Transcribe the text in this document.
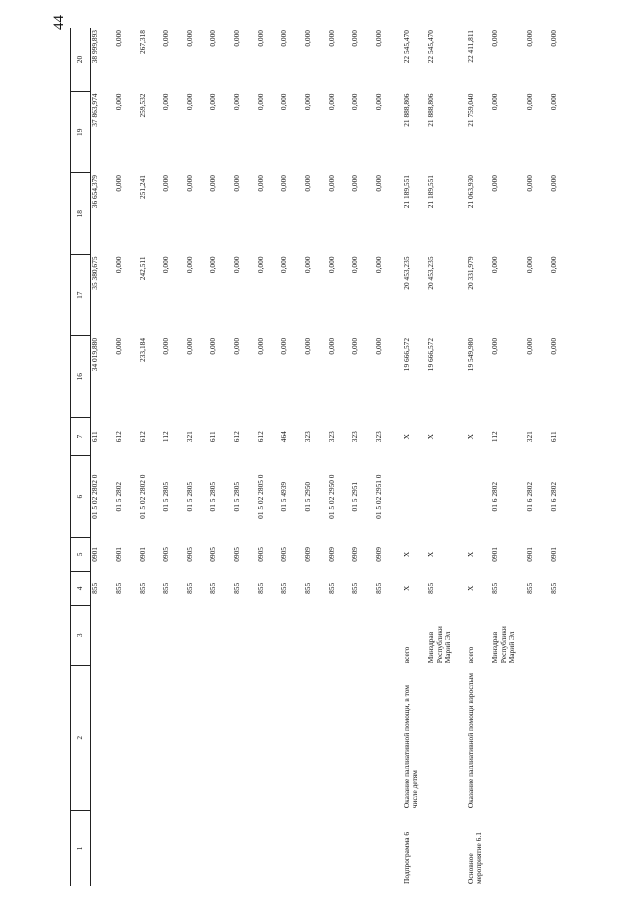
44
1	2	3	4	5	6	7	16	17	18	19	20
			855	0901	01 5 02 2802 0	611	34 019,880	35 380,675	36 654,379	37 863,974	38 999,893
			855	0901	01 5 2802	612	0,000	0,000	0,000	0,000	0,000
			855	0901	01 5 02 2802 0	612	233,184	242,511	251,241	259,532	267,318
			855	0905	01 5 2805	112	0,000	0,000	0,000	0,000	0,000
			855	0905	01 5 2805	321	0,000	0,000	0,000	0,000	0,000
			855	0905	01 5 2805	611	0,000	0,000	0,000	0,000	0,000
			855	0905	01 5 2805	612	0,000	0,000	0,000	0,000	0,000
			855	0905	01 5 02 2805 0	612	0,000	0,000	0,000	0,000	0,000
			855	0905	01 5 4939	464	0,000	0,000	0,000	0,000	0,000
			855	0909	01 5 2950	323	0,000	0,000	0,000	0,000	0,000
			855	0909	01 5 02 2950 0	323	0,000	0,000	0,000	0,000	0,000
			855	0909	01 5 2951	323	0,000	0,000	0,000	0,000	0,000
			855	0909	01 5 02 2951 0	323	0,000	0,000	0,000	0,000	0,000
Подпрограмма 6	Оказание паллиативной помощи, в том числе детям	всего	Х	Х		Х	19 666,572	20 453,235	21 189,551	21 888,806	22 545,470
		Минздрав Республики Марий Эл	855	Х		Х	19 666,572	20 453,235	21 189,551	21 888,806	22 545,470
Основное мероприятие 6.1	Оказание паллиативной помощи взрослым	всего	Х	Х		Х	19 549,980	20 331,979	21 063,930	21 759,040	22 411,811
		Минздрав Республики Марий Эл	855	0901	01 6 2802	112	0,000	0,000	0,000	0,000	0,000
			855	0901	01 6 2802	321	0,000	0,000	0,000	0,000	0,000
			855	0901	01 6 2802	611	0,000	0,000	0,000	0,000	0,000
